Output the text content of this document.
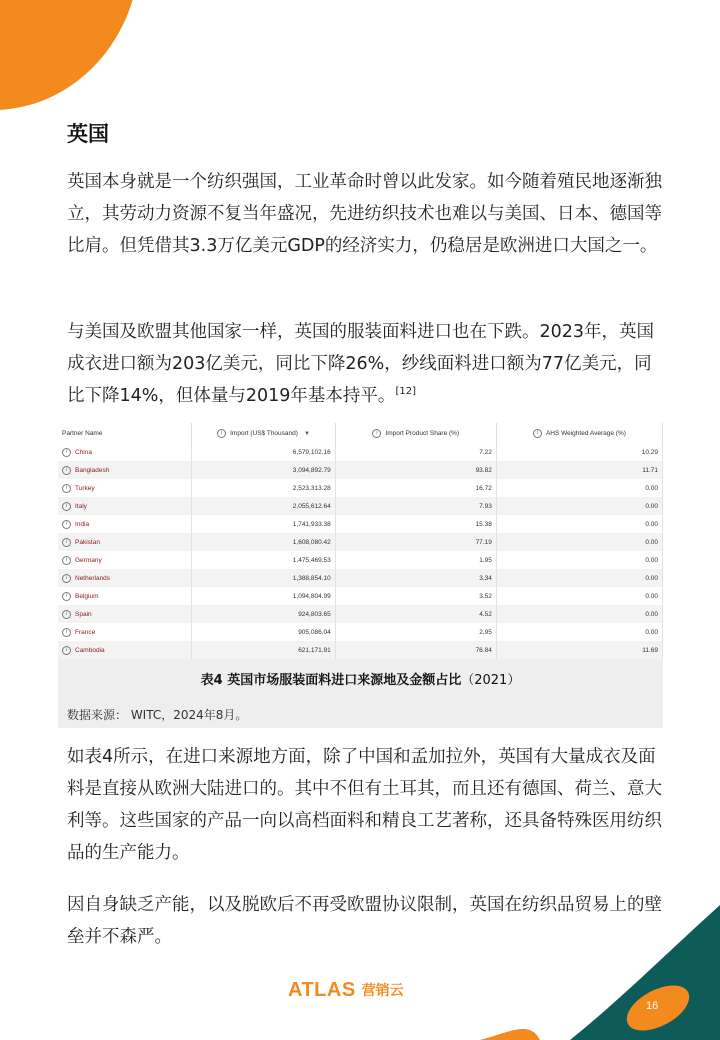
英国

英国本身就是一个纺织强国，工业革命时曾以此发家。如今随着殖民地逐渐独立，其劳动力资源不复当年盛况，先进纺织技术也难以与美国、日本、德国等比肩。但凭借其3.3万亿美元GDP的经济实力，仍稳居是欧洲进口大国之一。

与美国及欧盟其他国家一样，英国的服装面料进口也在下跌。2023年，英国成衣进口额为203亿美元，同比下降26%，纱线面料进口额为77亿美元，同比下降14%，但体量与2019年基本持平。[12]

Partner Name	i Import (US$ Thousand) ▼	i Import Product Share (%)	i AHS Weighted Average (%)
i China	6,579,102.16	7.22	10.29
i Bangladesh	3,094,892.79	93.82	11.71
i Turkey	2,523,313.28	16.72	0.00
i Italy	2,055,612.64	7.93	0.00
i India	1,741,933.38	15.38	0.00
i Pakistan	1,608,080.42	77.19	0.00
i Germany	1,475,469.53	1.95	0.00
i Netherlands	1,388,854.10	3.34	0.00
i Belgium	1,094,804.99	3.52	0.00
i Spain	924,803.65	4.52	0.00
i France	905,086.04	2.95	0.00
i Cambodia	621,171.91	76.84	11.69
表4 英国市场服装面料进口来源地及金额占比（2021）
数据来源： WITC，2024年8月。

如表4所示，在进口来源地方面，除了中国和孟加拉外，英国有大量成衣及面料是直接从欧洲大陆进口的。其中不但有土耳其，而且还有德国、荷兰、意大利等。这些国家的产品一向以高档面料和精良工艺著称，还具备特殊医用纺织品的生产能力。

因自身缺乏产能，以及脱欧后不再受欧盟协议限制，英国在纺织品贸易上的壁垒并不森严。

ATLAS 营销云
16
